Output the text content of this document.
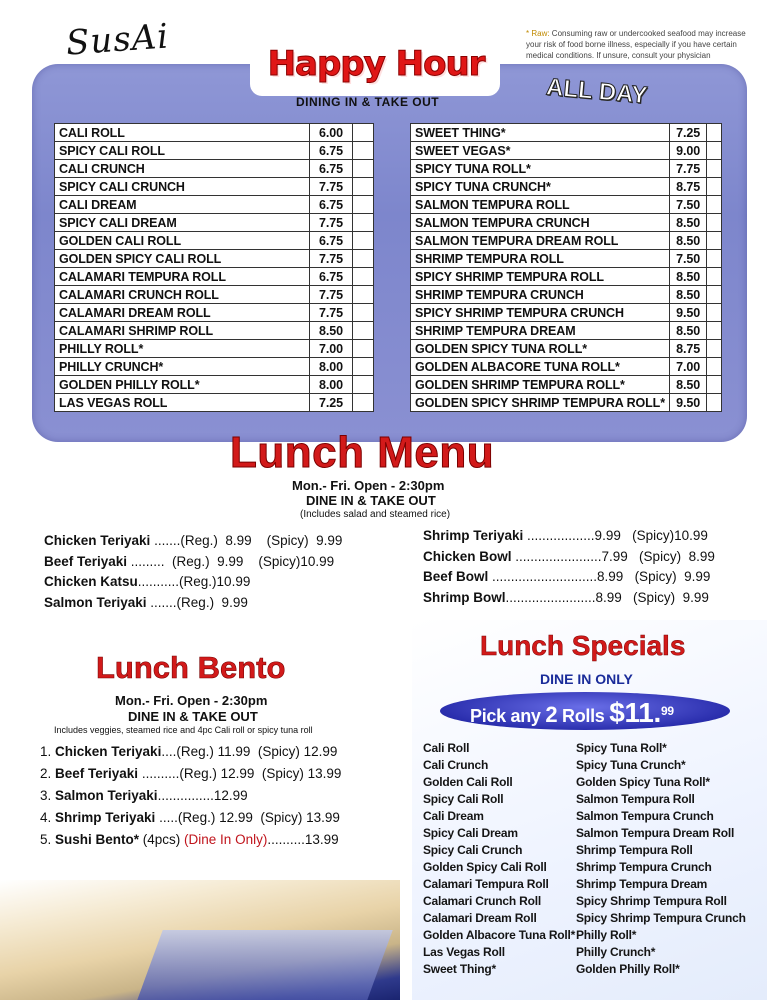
SusAi	* Raw: Consuming raw or undercooked seafood may increase your risk of food borne illness, especially if you have certain medical conditions. If unsure, consult your physician
Happy Hour
DINING IN & TAKE OUT	ALL DAY
CALI ROLL	6.00	
SPICY CALI ROLL	6.75	
CALI CRUNCH	6.75	
SPICY CALI CRUNCH	7.75	
CALI DREAM	6.75	
SPICY CALI DREAM	7.75	
GOLDEN CALI ROLL	6.75	
GOLDEN SPICY CALI ROLL	7.75	
CALAMARI TEMPURA ROLL	6.75	
CALAMARI CRUNCH ROLL	7.75	
CALAMARI DREAM ROLL	7.75	
CALAMARI SHRIMP ROLL	8.50	
PHILLY ROLL*	7.00	
PHILLY CRUNCH*	8.00	
GOLDEN PHILLY ROLL*	8.00	
LAS VEGAS ROLL	7.25	
SWEET THING*	7.25	
SWEET VEGAS*	9.00	
SPICY TUNA ROLL*	7.75	
SPICY TUNA CRUNCH*	8.75	
SALMON TEMPURA ROLL	7.50	
SALMON TEMPURA CRUNCH	8.50	
SALMON TEMPURA DREAM ROLL	8.50	
SHRIMP TEMPURA ROLL	7.50	
SPICY SHRIMP TEMPURA ROLL	8.50	
SHRIMP TEMPURA CRUNCH	8.50	
SPICY SHRIMP TEMPURA CRUNCH	9.50	
SHRIMP TEMPURA DREAM	8.50	
GOLDEN SPICY TUNA ROLL*	8.75	
GOLDEN ALBACORE TUNA ROLL*	7.00	
GOLDEN SHRIMP TEMPURA ROLL*	8.50	
GOLDEN SPICY SHRIMP TEMPURA ROLL*	9.50	
Lunch Menu
Mon.- Fri. Open - 2:30pm
DINE IN & TAKE OUT
(Includes salad and steamed rice)
Chicken Teriyaki .......(Reg.)  8.99    (Spicy)  9.99
Beef Teriyaki .........  (Reg.)  9.99    (Spicy)10.99
Chicken Katsu...........(Reg.)10.99
Salmon Teriyaki .......(Reg.)  9.99
Shrimp Teriyaki ..................9.99   (Spicy)10.99
Chicken Bowl .......................7.99   (Spicy)  8.99
Beef Bowl ............................8.99   (Spicy)  9.99
Shrimp Bowl........................8.99   (Spicy)  9.99
Lunch Specials
DINE IN ONLY
Pick any 2 Rolls $11.99
Cali Roll
Cali Crunch
Golden Cali Roll
Spicy Cali Roll
Cali Dream
Spicy Cali Dream
Spicy Cali Crunch
Golden Spicy Cali Roll
Calamari Tempura Roll
Calamari Crunch Roll
Calamari Dream Roll
Golden Albacore Tuna Roll*
Las Vegas Roll
Sweet Thing*
Spicy Tuna Roll*
Spicy Tuna Crunch*
Golden Spicy Tuna Roll*
Salmon Tempura Roll
Salmon Tempura Crunch
Salmon Tempura Dream Roll
Shrimp Tempura Roll
Shrimp Tempura Crunch
Shrimp Tempura Dream
Spicy Shrimp Tempura Roll
Spicy Shrimp Tempura Crunch
Philly Roll*
Philly Crunch*
Golden Philly Roll*
Lunch Bento
Mon.- Fri. Open - 2:30pm
DINE IN & TAKE OUT
Includes veggies, steamed rice and 4pc Cali roll or spicy tuna roll
1. Chicken Teriyaki....(Reg.) 11.99  (Spicy) 12.99
2. Beef Teriyaki ..........(Reg.) 12.99  (Spicy) 13.99
3. Salmon Teriyaki...............12.99
4. Shrimp Teriyaki .....(Reg.) 12.99  (Spicy) 13.99
5. Sushi Bento* (4pcs) (Dine In Only)..........13.99
